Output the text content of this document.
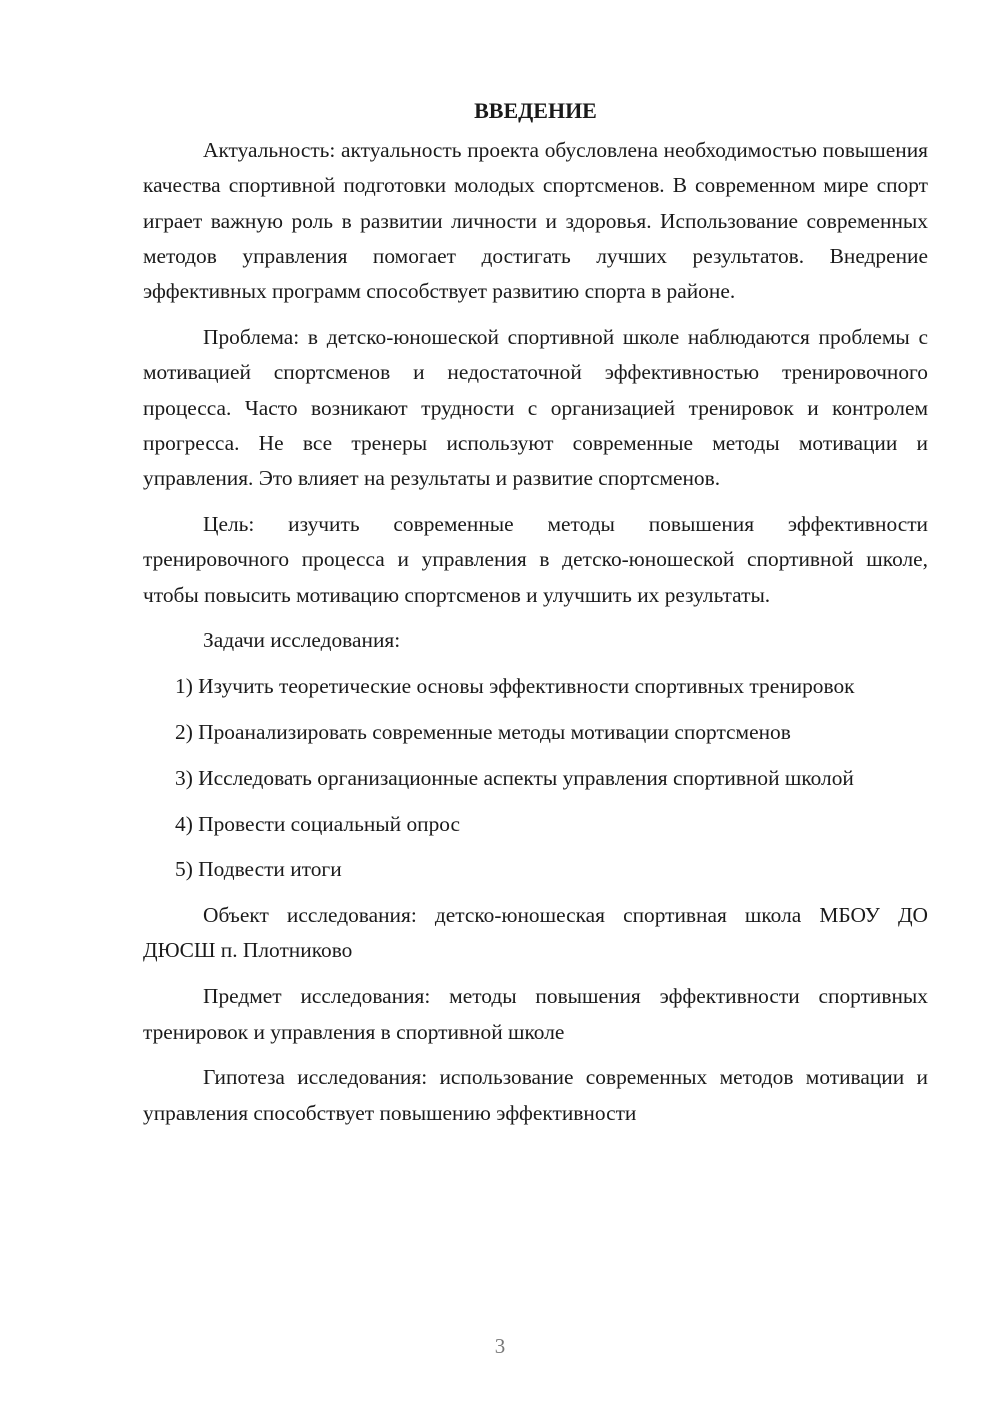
ВВЕДЕНИЕ

Актуальность: актуальность проекта обусловлена необходимостью повышения качества спортивной подготовки молодых спортсменов. В современном мире спорт играет важную роль в развитии личности и здоровья. Использование современных методов управления помогает достигать лучших результатов. Внедрение эффективных программ способствует развитию спорта в районе.

Проблема: в детско-юношеской спортивной школе наблюдаются проблемы с мотивацией спортсменов и недостаточной эффективностью тренировочного процесса. Часто возникают трудности с организацией тренировок и контролем прогресса. Не все тренеры используют современные методы мотивации и управления. Это влияет на результаты и развитие спортсменов.

Цель: изучить современные методы повышения эффективности тренировочного процесса и управления в детско-юношеской спортивной школе, чтобы повысить мотивацию спортсменов и улучшить их результаты.

Задачи исследования:

1) Изучить теоретические основы эффективности спортивных тренировок

2) Проанализировать современные методы мотивации спортсменов

3) Исследовать организационные аспекты управления спортивной школой

4) Провести социальный опрос

5) Подвести итоги

Объект исследования: детско-юношеская спортивная школа МБОУ ДО ДЮСШ п. Плотниково

Предмет исследования: методы повышения эффективности спортивных тренировок и управления в спортивной школе

Гипотеза исследования: использование современных методов мотивации и управления способствует повышению эффективности

3
